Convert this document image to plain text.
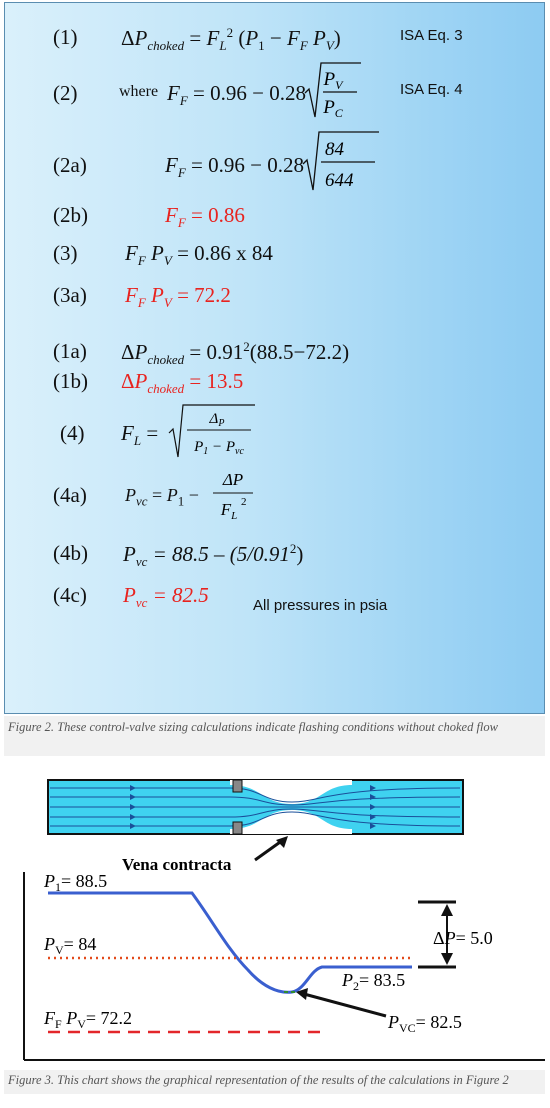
(1) $\Delta P_{choked} = F_L^2$ ($P_1 - F_F$ $P_V$)	ISA Eq. 3
(2)	where $F_F = 0.96 - 0.28$
$P_V$
$P_C$
ISA Eq. 4
(2a)	$F_F = 0.96 - 0.28$
84
644
(2b)	$F_F = 0.86$
(3) $F_F$ $P_V = 0.86$ x 84
(3a) $F_F$ $P_V = 72.2$
(1a) $\Delta P_{choked} = 0.91^2(88.5-72.2)$
(1b) $\Delta P_{choked} = 13.5$
(4) $F_L$ =
$\Delta_P$
$P_1 - P_{vc}$
(4a) $P_{vc} = P_1$ −
ΔP
$F_L$
2
(4b) $P_{vc} = 88.5 - (5/0.91^2)$
(4c) $P_{vc} = 82.5$	All pressures in psia
Figure 2. These control-valve sizing calculations indicate flashing conditions without choked flow
Vena contracta
$P_1= 88.5$
$P_V= 84$
$F_F$ $P_V= 72.2$
$P_2= 83.5$
$P_{VC}= 82.5$
ΔP= 5.0
Figure 3. This chart shows the graphical representation of the results of the calculations in Figure 2
